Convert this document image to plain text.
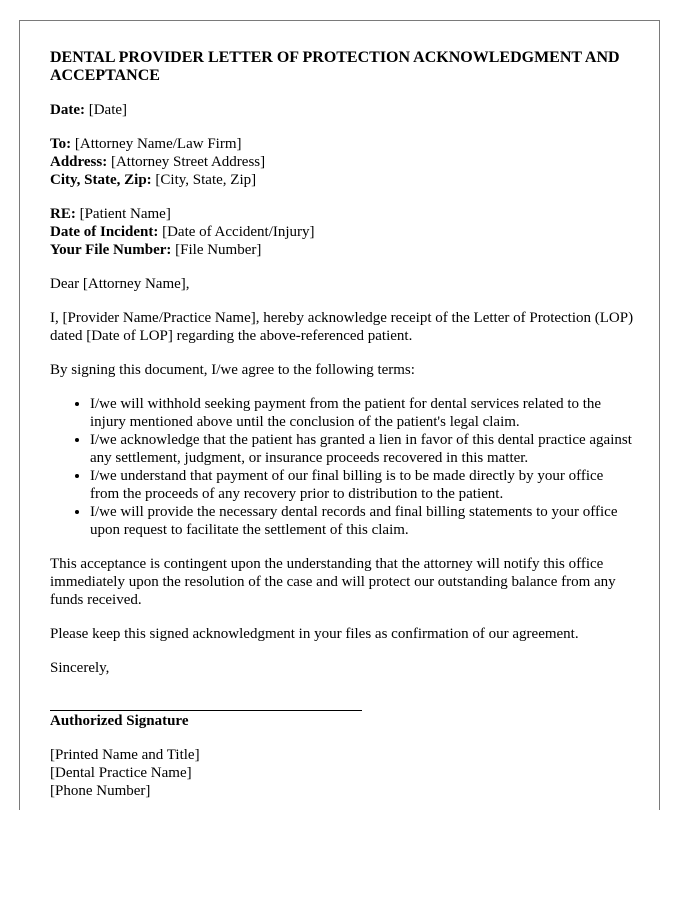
DENTAL PROVIDER LETTER OF PROTECTION ACKNOWLEDGMENT AND ACCEPTANCE

Date: [Date]

To: [Attorney Name/Law Firm]

Address: [Attorney Street Address]

City, State, Zip: [City, State, Zip]

RE: [Patient Name]

Date of Incident: [Date of Accident/Injury]

Your File Number: [File Number]

Dear [Attorney Name],

I, [Provider Name/Practice Name], hereby acknowledge receipt of the Letter of Protection (LOP) dated [Date of LOP] regarding the above-referenced patient.

By signing this document, I/we agree to the following terms:

• I/we will withhold seeking payment from the patient for dental services related to the injury mentioned above until the conclusion of the patient's legal claim.
• I/we acknowledge that the patient has granted a lien in favor of this dental practice against any settlement, judgment, or insurance proceeds recovered in this matter.
• I/we understand that payment of our final billing is to be made directly by your office from the proceeds of any recovery prior to distribution to the patient.
• I/we will provide the necessary dental records and final billing statements to your office upon request to facilitate the settlement of this claim.

This acceptance is contingent upon the understanding that the attorney will notify this office immediately upon the resolution of the case and will protect our outstanding balance from any funds received.

Please keep this signed acknowledgment in your files as confirmation of our agreement.

Sincerely,

Authorized Signature

[Printed Name and Title]

[Dental Practice Name]

[Phone Number]
